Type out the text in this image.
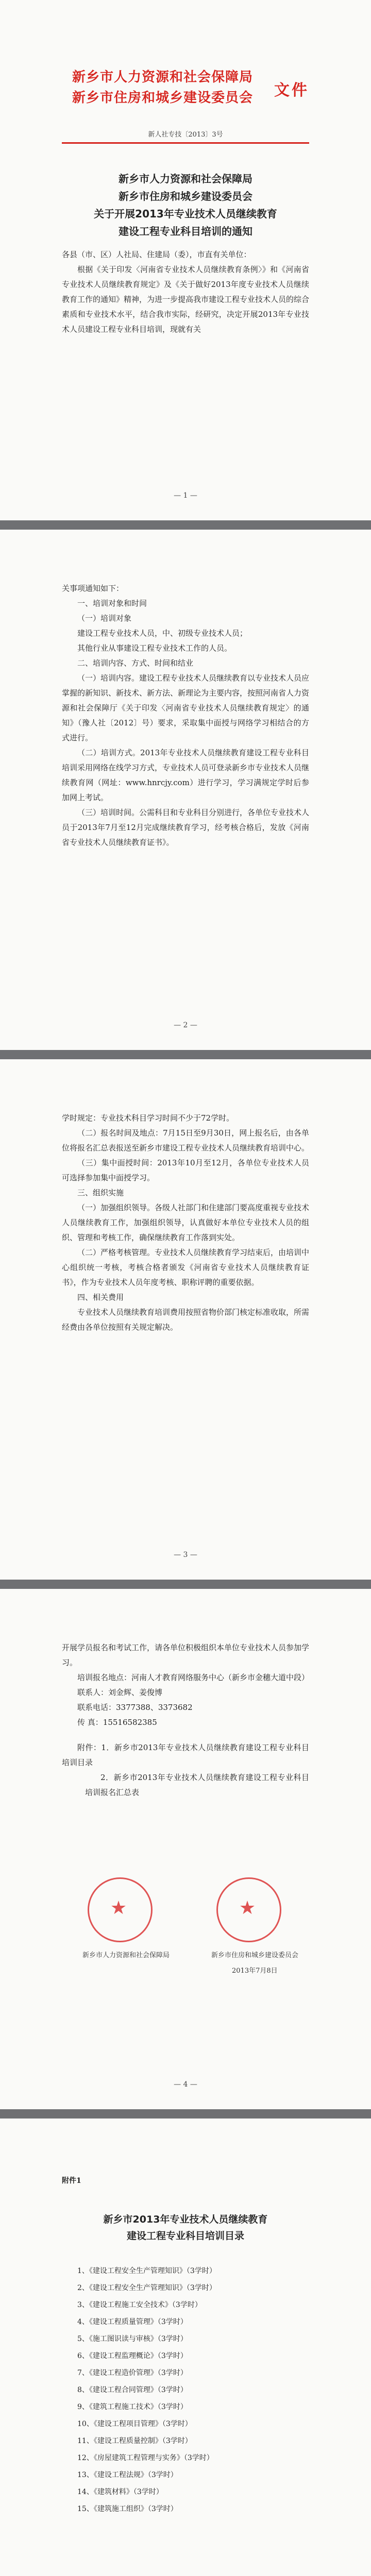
新乡市人力资源和社会保障局
新乡市住房和城乡建设委员会 文件
新人社专技〔2013〕3号
新乡市人力资源和社会保障局
新乡市住房和城乡建设委员会
关于开展2013年专业技术人员继续教育
建设工程专业科目培训的通知

各县（市、区）人社局、住建局（委），市直有关单位：

根据《关于印发〈河南省专业技术人员继续教育条例〉》和《河南省专业技术人员继续教育规定》及《关于做好2013年度专业技术人员继续教育工作的通知》精神，为进一步提高我市建设工程专业技术人员的综合素质和专业技术水平，结合我市实际，经研究，决定开展2013年专业技术人员建设工程专业科目培训，现就有关

— 1 —

关事项通知如下：

一、培训对象和时间

（一）培训对象

建设工程专业技术人员，中、初级专业技术人员；

其他行业从事建设工程专业技术工作的人员。

二、培训内容、方式、时间和结业

（一）培训内容。建设工程专业技术人员继续教育以专业技术人员应掌握的新知识、新技术、新方法、新理论为主要内容，按照河南省人力资源和社会保障厅《关于印发〈河南省专业技术人员继续教育规定〉的通知》（豫人社〔2012〕号）要求，采取集中面授与网络学习相结合的方式进行。

（二）培训方式。2013年专业技术人员继续教育建设工程专业科目培训采用网络在线学习方式，专业技术人员可登录新乡市专业技术人员继续教育网（网址：www.hnrcjy.com）进行学习，学习满规定学时后参加网上考试。

（三）培训时间。公需科目和专业科目分别进行，各单位专业技术人员于2013年7月至12月完成继续教育学习，经考核合格后，发放《河南省专业技术人员继续教育证书》。

— 2 —

学时规定：专业技术科目学习时间不少于72学时。

（二）报名时间及地点：7月15日至9月30日，网上报名后，由各单位将报名汇总表报送至新乡市建设工程专业技术人员继续教育培训中心。

（三）集中面授时间：2013年10月至12月，各单位专业技术人员可选择参加集中面授学习。

三、组织实施

（一）加强组织领导。各级人社部门和住建部门要高度重视专业技术人员继续教育工作，加强组织领导，认真做好本单位专业技术人员的组织、管理和考核工作，确保继续教育工作落到实处。

（二）严格考核管理。专业技术人员继续教育学习结束后，由培训中心组织统一考核，考核合格者颁发《河南省专业技术人员继续教育证书》，作为专业技术人员年度考核、职称评聘的重要依据。

四、相关费用

专业技术人员继续教育培训费用按照省物价部门核定标准收取，所需经费由各单位按照有关规定解决。

— 3 —

开展学员报名和考试工作，请各单位积极组织本单位专业技术人员参加学习。

培训报名地点：河南人才教育网络服务中心（新乡市金穗大道中段）

联系人：刘金辉、姜俊博

联系电话：3377388、3373682

传 真：15516582385

附件：1．新乡市2013年专业技术人员继续教育建设工程专业科目培训目录

2．新乡市2013年专业技术人员继续教育建设工程专业科目培训报名汇总表

★	★
新乡市人力资源和社会保障局	新乡市住房和城乡建设委员会
2013年7月8日
— 4 —
附件1
新乡市2013年专业技术人员继续教育
建设工程专业科目培训目录
1、《建设工程安全生产管理知识》（3学时）
2、《建设工程安全生产管理知识》（3学时）
3、《建设工程施工安全技术》（3学时）
4、《建设工程质量管理》（3学时）
5、《施工图识读与审核》（3学时）
6、《建设工程监理概论》（3学时）
7、《建设工程造价管理》（3学时）
8、《建设工程合同管理》（3学时）
9、《建筑工程施工技术》（3学时）
10、《建设工程项目管理》（3学时）
11、《建设工程质量控制》（3学时）
12、《房屋建筑工程管理与实务》（3学时）
13、《建设工程法规》（3学时）
14、《建筑材料》（3学时）
15、《建筑施工组织》（3学时）
